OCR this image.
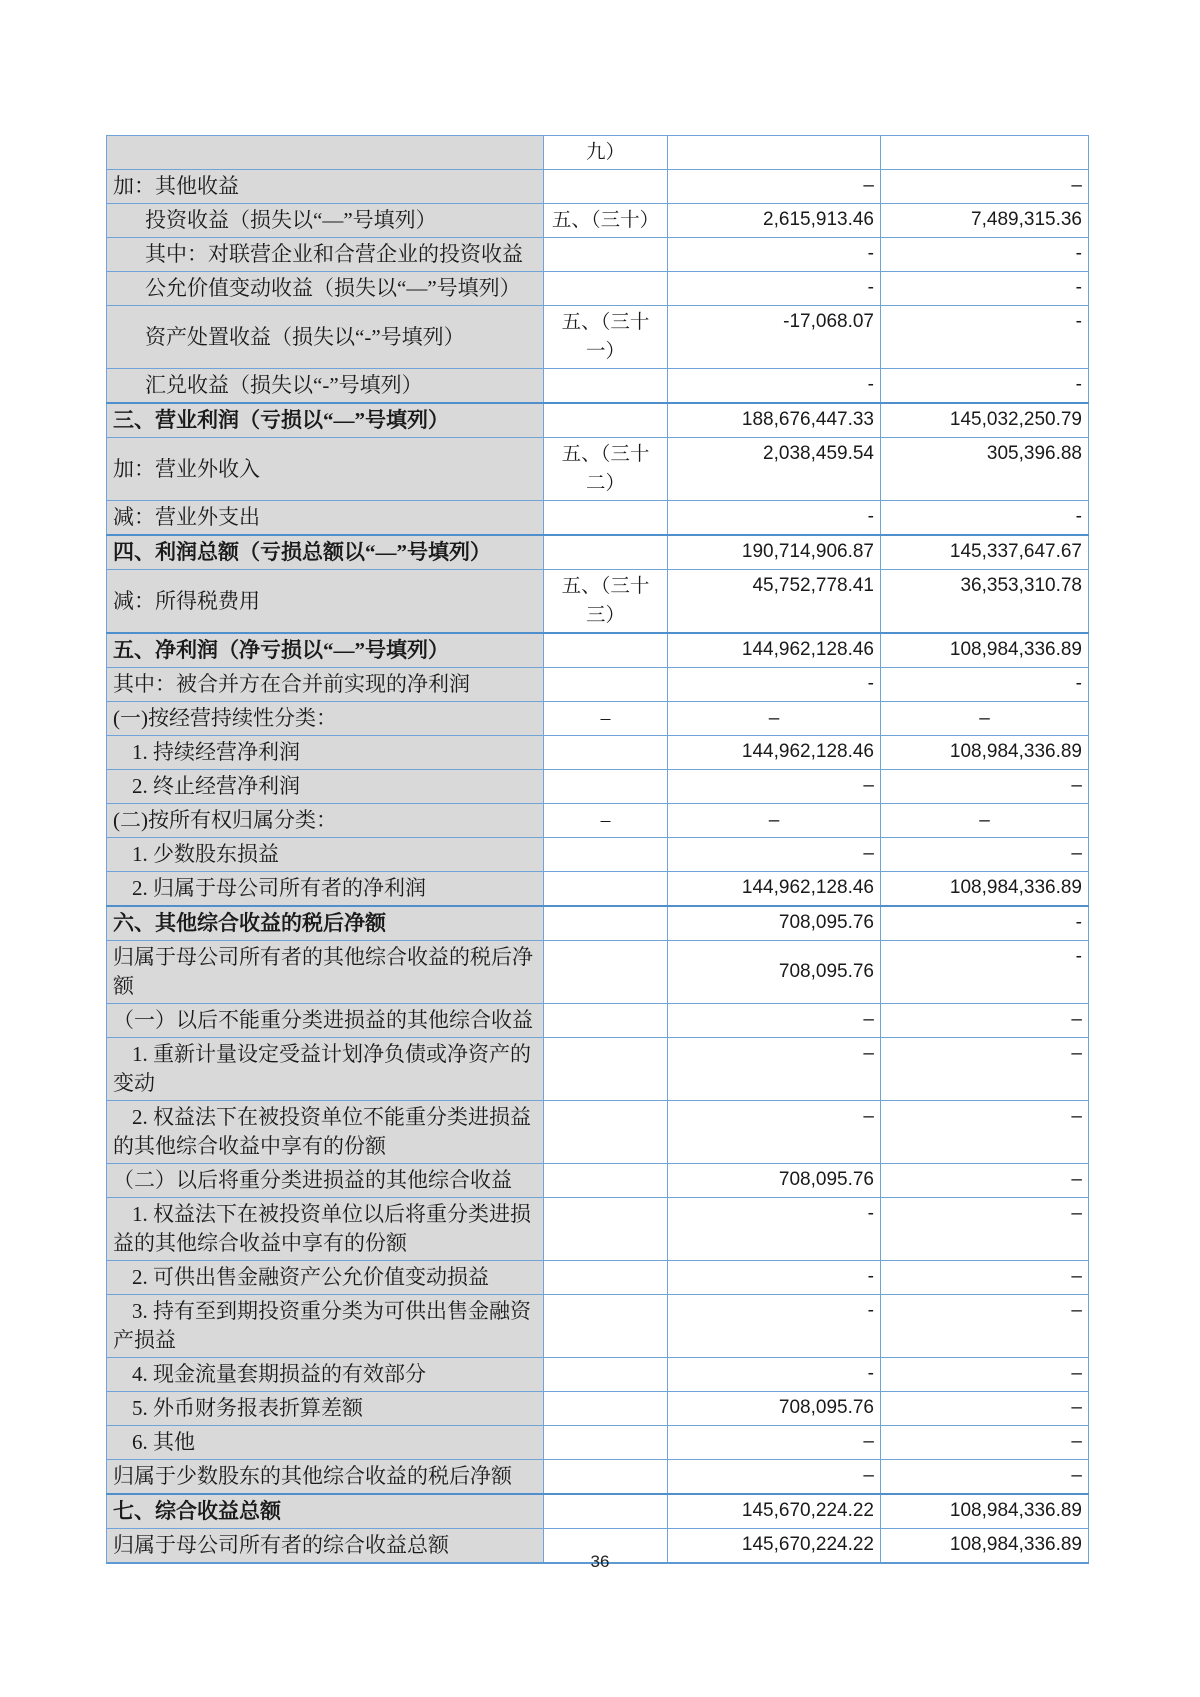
	九）		
加：其他收益		–	–
投资收益（损失以“—”号填列）	五、（三十）	2,615,913.46	7,489,315.36
其中：对联营企业和合营企业的投资收益		-	-
公允价值变动收益（损失以“—”号填列）		-	-
资产处置收益（损失以“-”号填列）	五、（三十一）	-17,068.07	-
汇兑收益（损失以“-”号填列）		-	-
三、营业利润（亏损以“—”号填列）		188,676,447.33	145,032,250.79
加：营业外收入	五、（三十二）	2,038,459.54	305,396.88
减：营业外支出		-	-
四、利润总额（亏损总额以“—”号填列）		190,714,906.87	145,337,647.67
减：所得税费用	五、（三十三）	45,752,778.41	36,353,310.78
五、净利润（净亏损以“—”号填列）		144,962,128.46	108,984,336.89
其中：被合并方在合并前实现的净利润		-	-
(一)按经营持续性分类：	–	–	–
1. 持续经营净利润		144,962,128.46	108,984,336.89
2. 终止经营净利润		–	–
(二)按所有权归属分类：	–	–	–
1. 少数股东损益		–	–
2. 归属于母公司所有者的净利润		144,962,128.46	108,984,336.89
六、其他综合收益的税后净额		708,095.76	-
归属于母公司所有者的其他综合收益的税后净额		708,095.76	-
（一）以后不能重分类进损益的其他综合收益		–	–
1. 重新计量设定受益计划净负债或净资产的变动		–	–
2. 权益法下在被投资单位不能重分类进损益的其他综合收益中享有的份额		–	–
（二）以后将重分类进损益的其他综合收益		708,095.76	–
1. 权益法下在被投资单位以后将重分类进损益的其他综合收益中享有的份额		-	–
2. 可供出售金融资产公允价值变动损益		-	–
3. 持有至到期投资重分类为可供出售金融资产损益		-	–
4. 现金流量套期损益的有效部分		-	–
5. 外币财务报表折算差额		708,095.76	–
6. 其他		–	–
归属于少数股东的其他综合收益的税后净额		–	–
七、综合收益总额		145,670,224.22	108,984,336.89
归属于母公司所有者的综合收益总额		145,670,224.22	108,984,336.89
36
